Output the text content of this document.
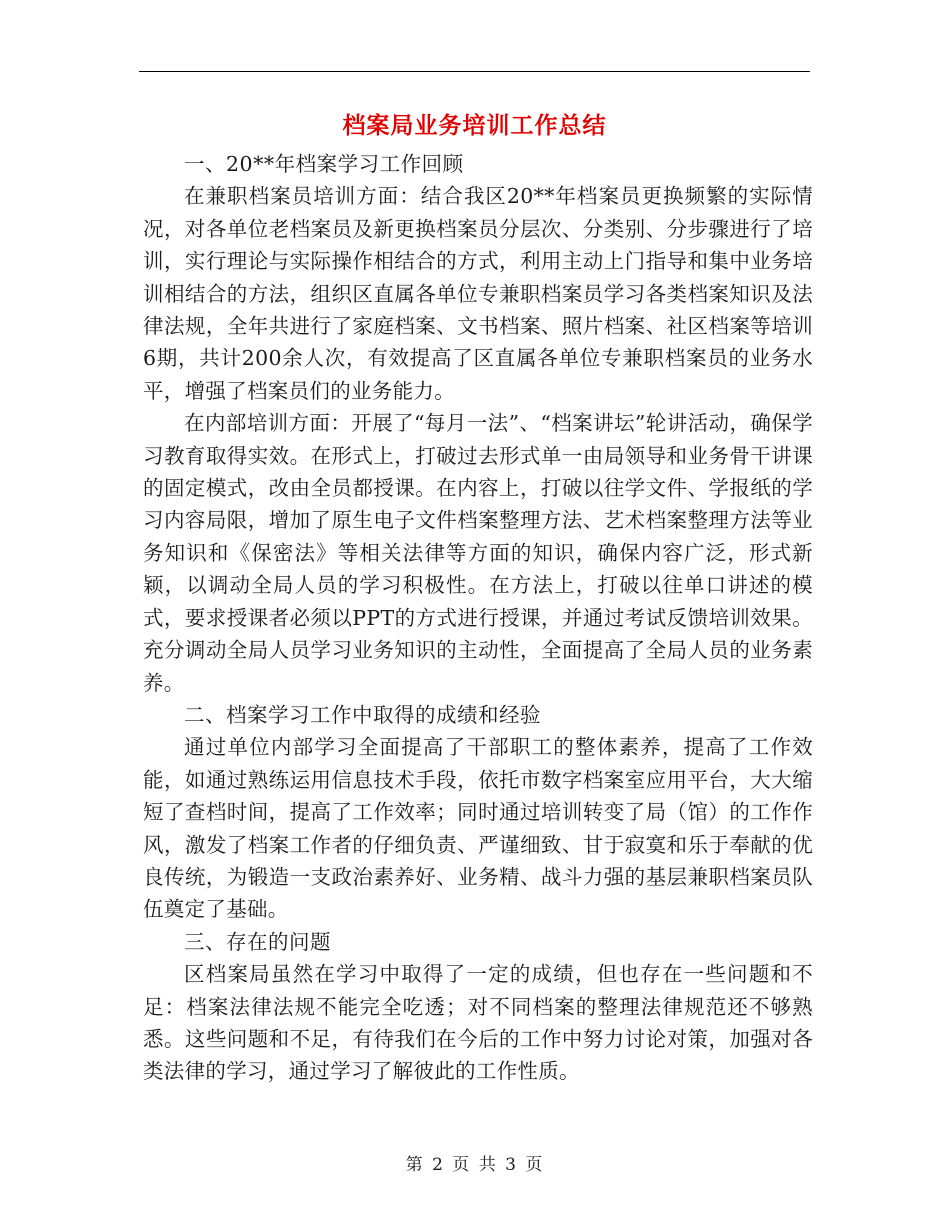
档案局业务培训工作总结

一、20**年档案学习工作回顾

在兼职档案员培训方面：结合我区20**年档案员更换频繁的实际情况，对各单位老档案员及新更换档案员分层次、分类别、分步骤进行了培训，实行理论与实际操作相结合的方式，利用主动上门指导和集中业务培训相结合的方法，组织区直属各单位专兼职档案员学习各类档案知识及法律法规，全年共进行了家庭档案、文书档案、照片档案、社区档案等培训6期，共计200余人次，有效提高了区直属各单位专兼职档案员的业务水平，增强了档案员们的业务能力。

在内部培训方面：开展了“每月一法”、“档案讲坛”轮讲活动，确保学习教育取得实效。在形式上，打破过去形式单一由局领导和业务骨干讲课的固定模式，改由全员都授课。在内容上，打破以往学文件、学报纸的学习内容局限，增加了原生电子文件档案整理方法、艺术档案整理方法等业务知识和《保密法》等相关法律等方面的知识，确保内容广泛，形式新颖，以调动全局人员的学习积极性。在方法上，打破以往单口讲述的模式，要求授课者必须以PPT的方式进行授课，并通过考试反馈培训效果。充分调动全局人员学习业务知识的主动性，全面提高了全局人员的业务素养。

二、档案学习工作中取得的成绩和经验

通过单位内部学习全面提高了干部职工的整体素养，提高了工作效能，如通过熟练运用信息技术手段，依托市数字档案室应用平台，大大缩短了查档时间，提高了工作效率；同时通过培训转变了局（馆）的工作作风，激发了档案工作者的仔细负责、严谨细致、甘于寂寞和乐于奉献的优良传统，为锻造一支政治素养好、业务精、战斗力强的基层兼职档案员队伍奠定了基础。

三、存在的问题

区档案局虽然在学习中取得了一定的成绩，但也存在一些问题和不足：档案法律法规不能完全吃透；对不同档案的整理法律规范还不够熟悉。这些问题和不足，有待我们在今后的工作中努力讨论对策，加强对各类法律的学习，通过学习了解彼此的工作性质。

第 2 页 共 3 页
